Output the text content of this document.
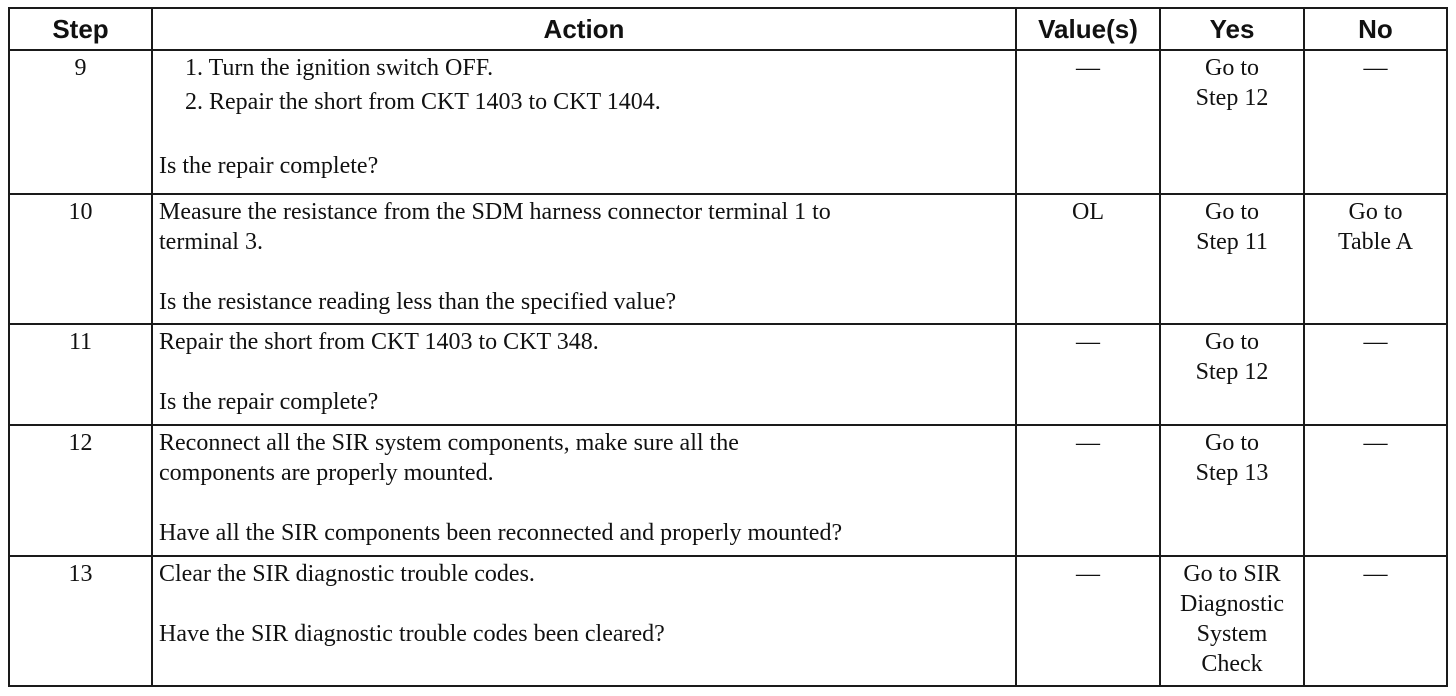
Step	Action	Value(s)	Yes	No
9	1. Turn the ignition switch OFF.
2. Repair the short from CKT 1403 to CKT 1404.
Is the repair complete?	—	Go to
Step 12	—
10	Measure the resistance from the SDM harness connector terminal 1 to
terminal 3.
Is the resistance reading less than the specified value?	OL	Go to
Step 11	Go to
Table A

11	Repair the short from CKT 1403 to CKT 348.
Is the repair complete?	—	Go to
Step 12	—
12	Reconnect all the SIR system components, make sure all the
components are properly mounted.
Have all the SIR components been reconnected and properly mounted?	—	Go to
Step 13	—
13	Clear the SIR diagnostic trouble codes.
Have the SIR diagnostic trouble codes been cleared?	—	Go to SIR
Diagnostic
System
Check	—
